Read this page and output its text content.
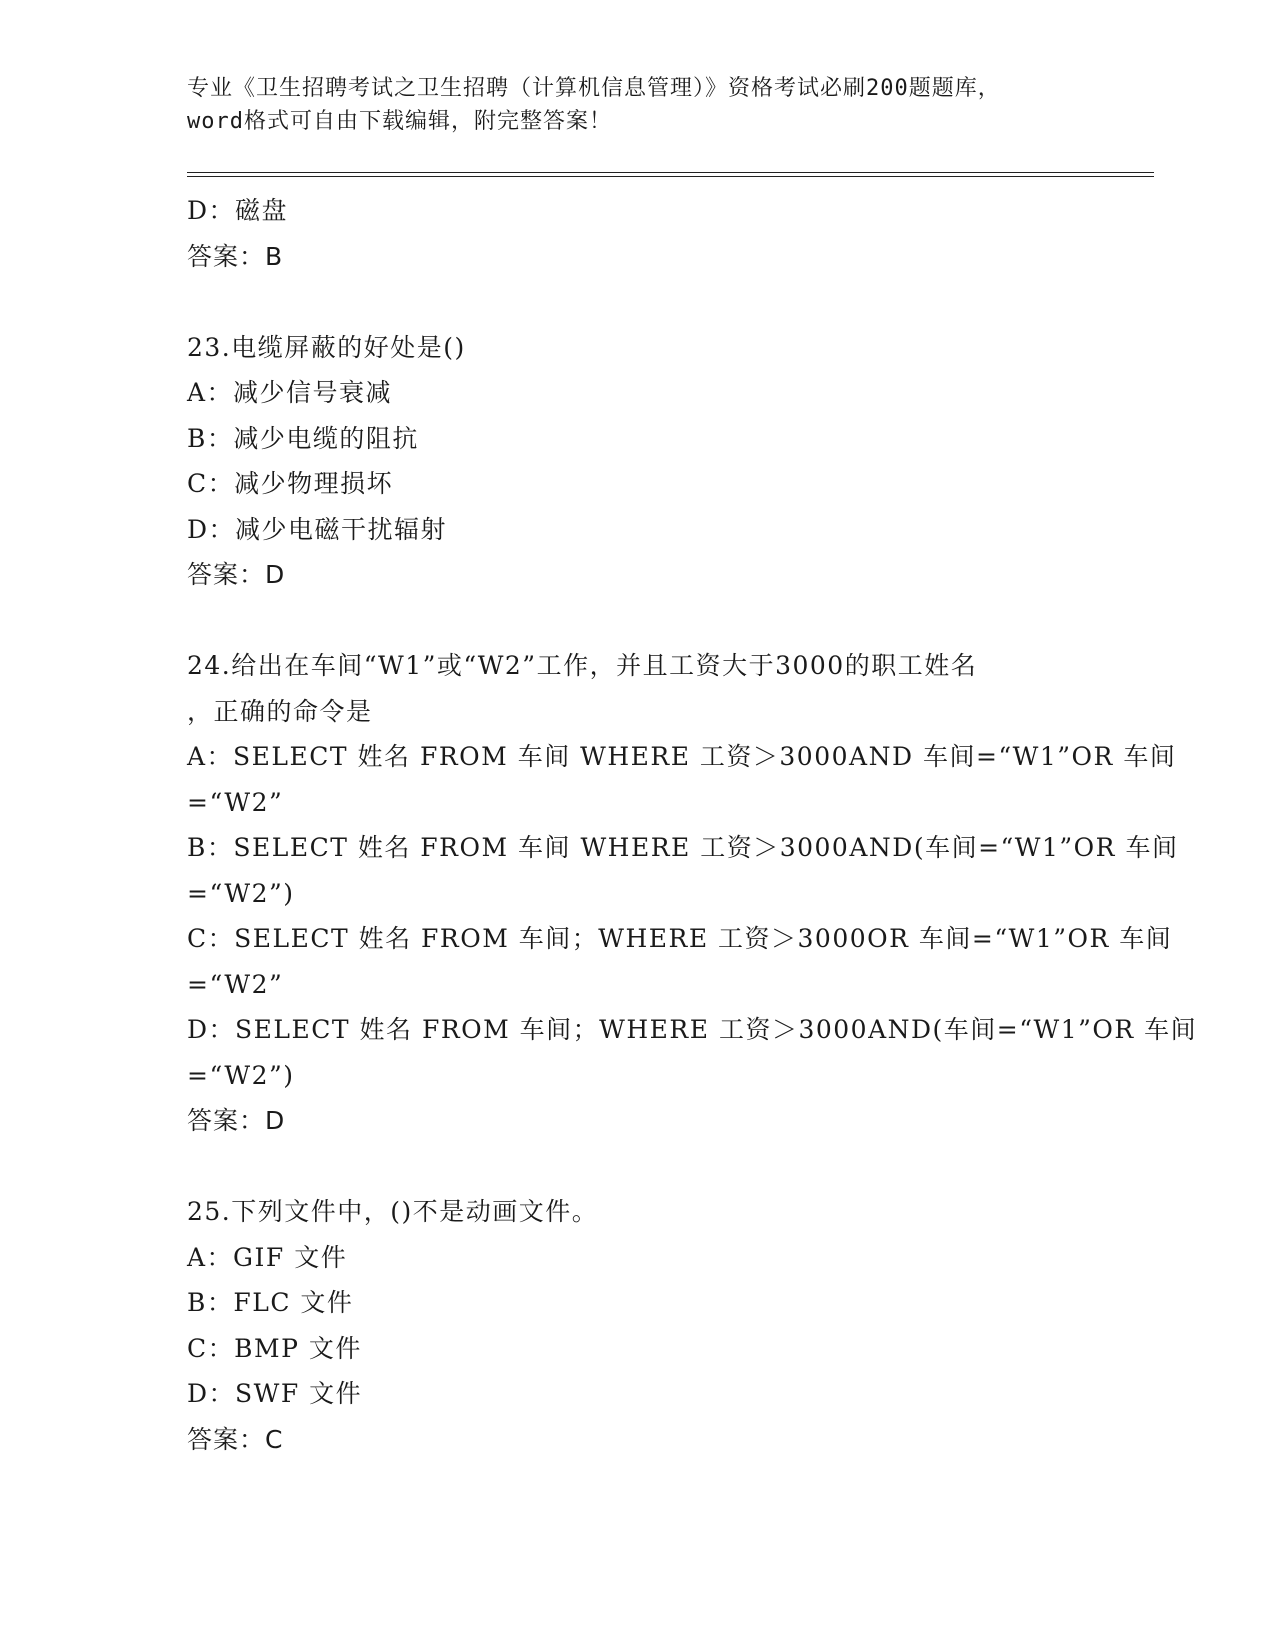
专业《卫生招聘考试之卫生招聘（计算机信息管理）》资格考试必刷200题题库，
word格式可自由下载编辑，附完整答案！
D：磁盘
答案：B
23.电缆屏蔽的好处是()
A：减少信号衰减
B：减少电缆的阻抗
C：减少物理损坏
D：减少电磁干扰辐射
答案：D
24.给出在车间“W1”或“W2”工作，并且工资大于3000的职工姓名
，正确的命令是
A：SELECT 姓名 FROM 车间 WHERE 工资＞3000AND 车间=“W1”OR 车间
=“W2”
B：SELECT 姓名 FROM 车间 WHERE 工资＞3000AND(车间=“W1”OR 车间
=“W2”)
C：SELECT 姓名 FROM 车间；WHERE 工资＞3000OR 车间=“W1”OR 车间
=“W2”
D：SELECT 姓名 FROM 车间；WHERE 工资＞3000AND(车间=“W1”OR 车间
=“W2”)
答案：D
25.下列文件中，()不是动画文件。
A：GIF 文件
B：FLC 文件
C：BMP 文件
D：SWF 文件
答案：C
